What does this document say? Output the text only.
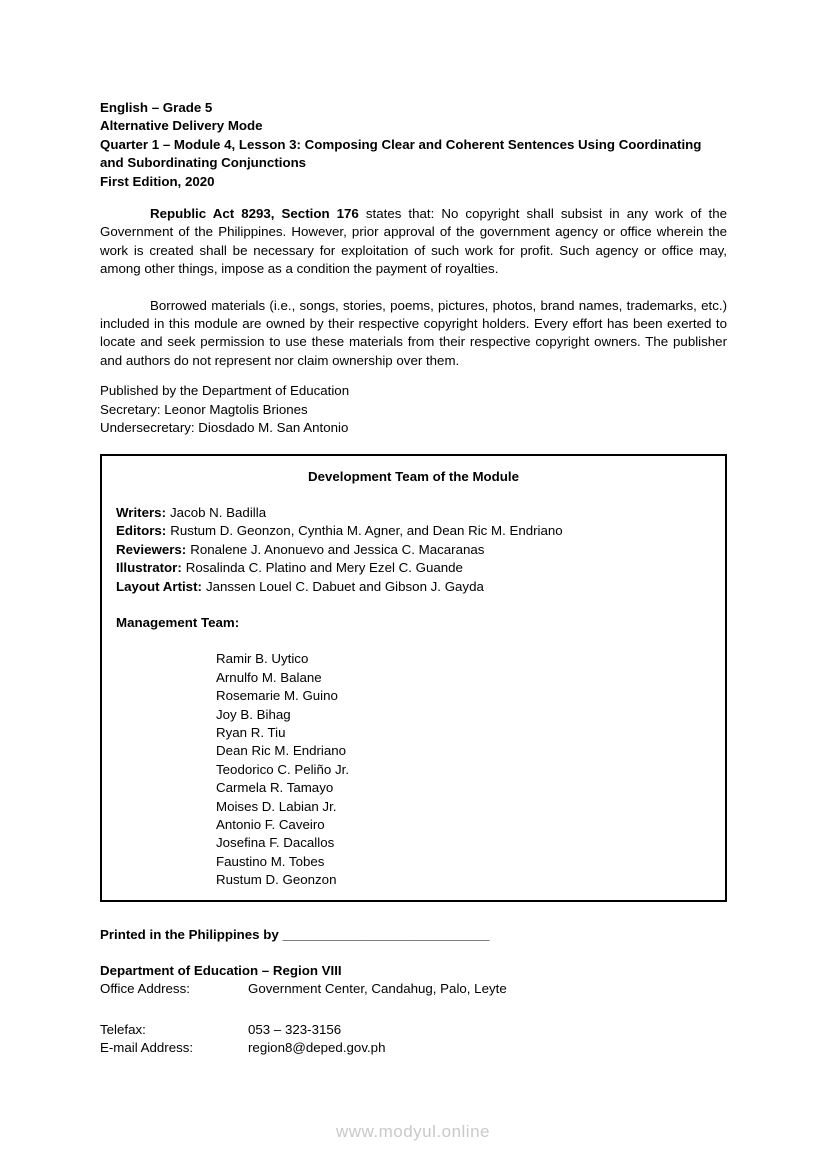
English – Grade 5
Alternative Delivery Mode
Quarter 1 – Module 4, Lesson 3: Composing Clear and Coherent Sentences Using Coordinating and Subordinating Conjunctions
First Edition, 2020

Republic Act 8293, Section 176 states that: No copyright shall subsist in any work of the Government of the Philippines. However, prior approval of the government agency or office wherein the work is created shall be necessary for exploitation of such work for profit. Such agency or office may, among other things, impose as a condition the payment of royalties.

Borrowed materials (i.e., songs, stories, poems, pictures, photos, brand names, trademarks, etc.) included in this module are owned by their respective copyright holders. Every effort has been exerted to locate and seek permission to use these materials from their respective copyright owners. The publisher and authors do not represent nor claim ownership over them.

Published by the Department of Education
Secretary: Leonor Magtolis Briones
Undersecretary: Diosdado M. San Antonio
Development Team of the Module
Writers: Jacob N. Badilla
Editors: Rustum D. Geonzon, Cynthia M. Agner, and Dean Ric M. Endriano
Reviewers: Ronalene J. Anonuevo and Jessica C. Macaranas
Illustrator: Rosalinda C. Platino and Mery Ezel C. Guande
Layout Artist: Janssen Louel C. Dabuet and Gibson J. Gayda
Management Team:
Ramir B. Uytico
Arnulfo M. Balane
Rosemarie M. Guino
Joy B. Bihag
Ryan R. Tiu
Dean Ric M. Endriano
Teodorico C. Peliño Jr.
Carmela R. Tamayo
Moises D. Labian Jr.
Antonio F. Caveiro
Josefina F. Dacallos
Faustino M. Tobes
Rustum D. Geonzon
Printed in the Philippines by ____________________________
Department of Education – Region VIII
Office Address:	Government Center, Candahug, Palo, Leyte
Telefax:	053 – 323-3156
E-mail Address:	region8@deped.gov.ph
www.modyul.online
